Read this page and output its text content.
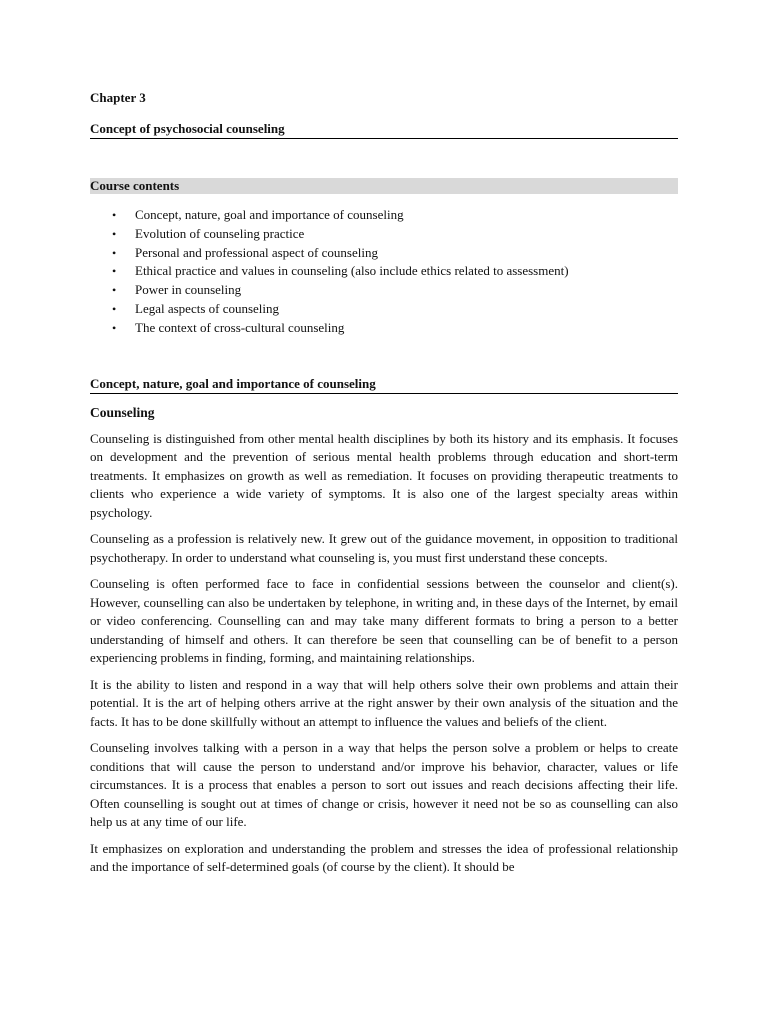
Chapter 3

Concept of psychosocial counseling

Course contents
• Concept, nature, goal and importance of counseling
• Evolution of counseling practice
• Personal and professional aspect of counseling
• Ethical practice and values in counseling (also include ethics related to assessment)
• Power in counseling
• Legal aspects of counseling
• The context of cross-cultural counseling

Concept, nature, goal and importance of counseling

Counseling

Counseling is distinguished from other mental health disciplines by both its history and its emphasis. It focuses on development and the prevention of serious mental health problems through education and short-term treatments. It emphasizes on growth as well as remediation. It focuses on providing therapeutic treatments to clients who experience a wide variety of symptoms. It is also one of the largest specialty areas within psychology.

Counseling as a profession is relatively new. It grew out of the guidance movement, in opposition to traditional psychotherapy. In order to understand what counseling is, you must first understand these concepts.

Counseling is often performed face to face in confidential sessions between the counselor and client(s). However, counselling can also be undertaken by telephone, in writing and, in these days of the Internet, by email or video conferencing. Counselling can and may take many different formats to bring a person to a better understanding of himself and others. It can therefore be seen that counselling can be of benefit to a person experiencing problems in finding, forming, and maintaining relationships.

It is the ability to listen and respond in a way that will help others solve their own problems and attain their potential. It is the art of helping others arrive at the right answer by their own analysis of the situation and the facts. It has to be done skillfully without an attempt to influence the values and beliefs of the client.

Counseling involves talking with a person in a way that helps the person solve a problem or helps to create conditions that will cause the person to understand and/or improve his behavior, character, values or life circumstances. It is a process that enables a person to sort out issues and reach decisions affecting their life. Often counselling is sought out at times of change or crisis, however it need not be so as counselling can also help us at any time of our life.

It emphasizes on exploration and understanding the problem and stresses the idea of professional relationship and the importance of self-determined goals (of course by the client). It should be
